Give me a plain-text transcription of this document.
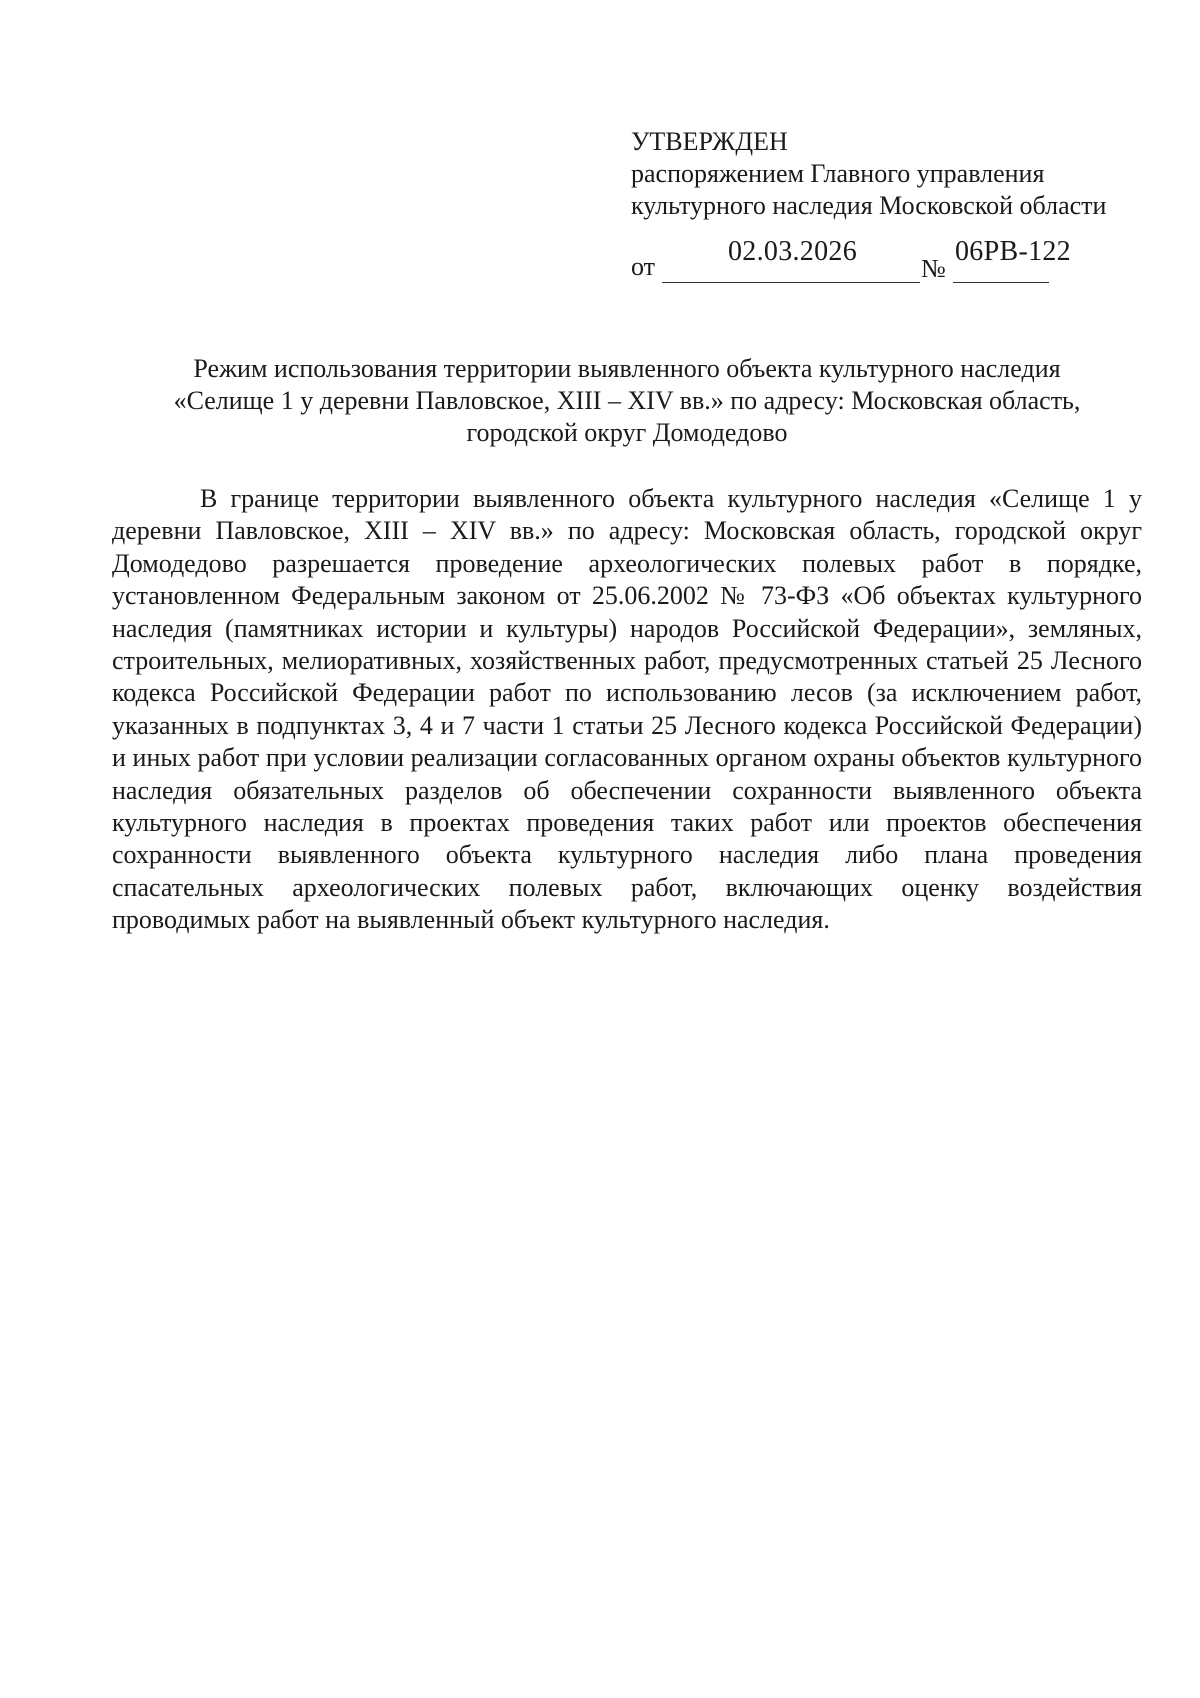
УТВЕРЖДЕН
распоряжением Главного управления
культурного наследия Московской области
от	02.03.2026
№
06РВ-122
Режим использования территории выявленного объекта культурного наследия
«Селище 1 у деревни Павловское, XIII – XIV вв.» по адресу: Московская область,
городской округ Домодедово

В границе территории выявленного объекта культурного наследия «Селище 1 у деревни Павловское, XIII – XIV вв.» по адресу: Московская область, городской округ Домодедово разрешается проведение археологических полевых работ в порядке, установленном Федеральным законом от 25.06.2002 № 73-ФЗ «Об объектах культурного наследия (памятниках истории и культуры) народов Российской Федерации», земляных, строительных, мелиоративных, хозяйственных работ, предусмотренных статьей 25 Лесного кодекса Российской Федерации работ по использованию лесов (за исключением работ, указанных в подпунктах 3, 4 и 7 части 1 статьи 25 Лесного кодекса Российской Федерации) и иных работ при условии реализации согласованных органом охраны объектов культурного наследия обязательных разделов об обеспечении сохранности выявленного объекта культурного наследия в проектах проведения таких работ или проектов обеспечения сохранности выявленного объекта культурного наследия либо плана проведения спасательных археологических полевых работ, включающих оценку воздействия проводимых работ на выявленный объект культурного наследия.
